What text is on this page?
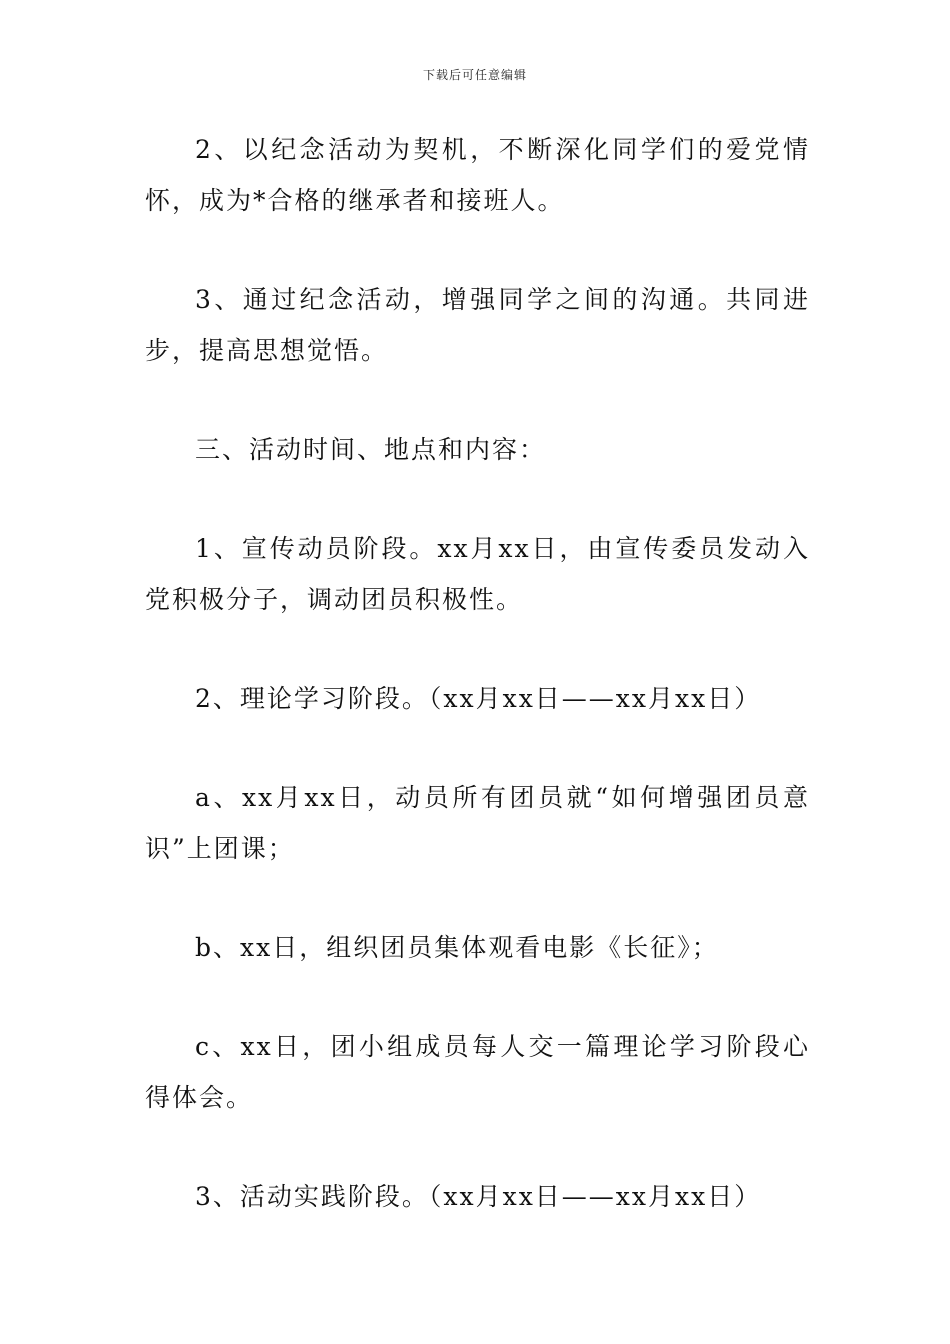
下载后可任意编辑

2、以纪念活动为契机，不断深化同学们的爱党情怀，成为*合格的继承者和接班人。

3、通过纪念活动，增强同学之间的沟通。共同进步，提高思想觉悟。

三、活动时间、地点和内容：

1、宣传动员阶段。xx月xx日，由宣传委员发动入党积极分子，调动团员积极性。

2、理论学习阶段。（xx月xx日——xx月xx日）

a、xx月xx日，动员所有团员就“如何增强团员意识”上团课；

b、xx日，组织团员集体观看电影《长征》；

c、xx日，团小组成员每人交一篇理论学习阶段心得体会。

3、活动实践阶段。（xx月xx日——xx月xx日）
